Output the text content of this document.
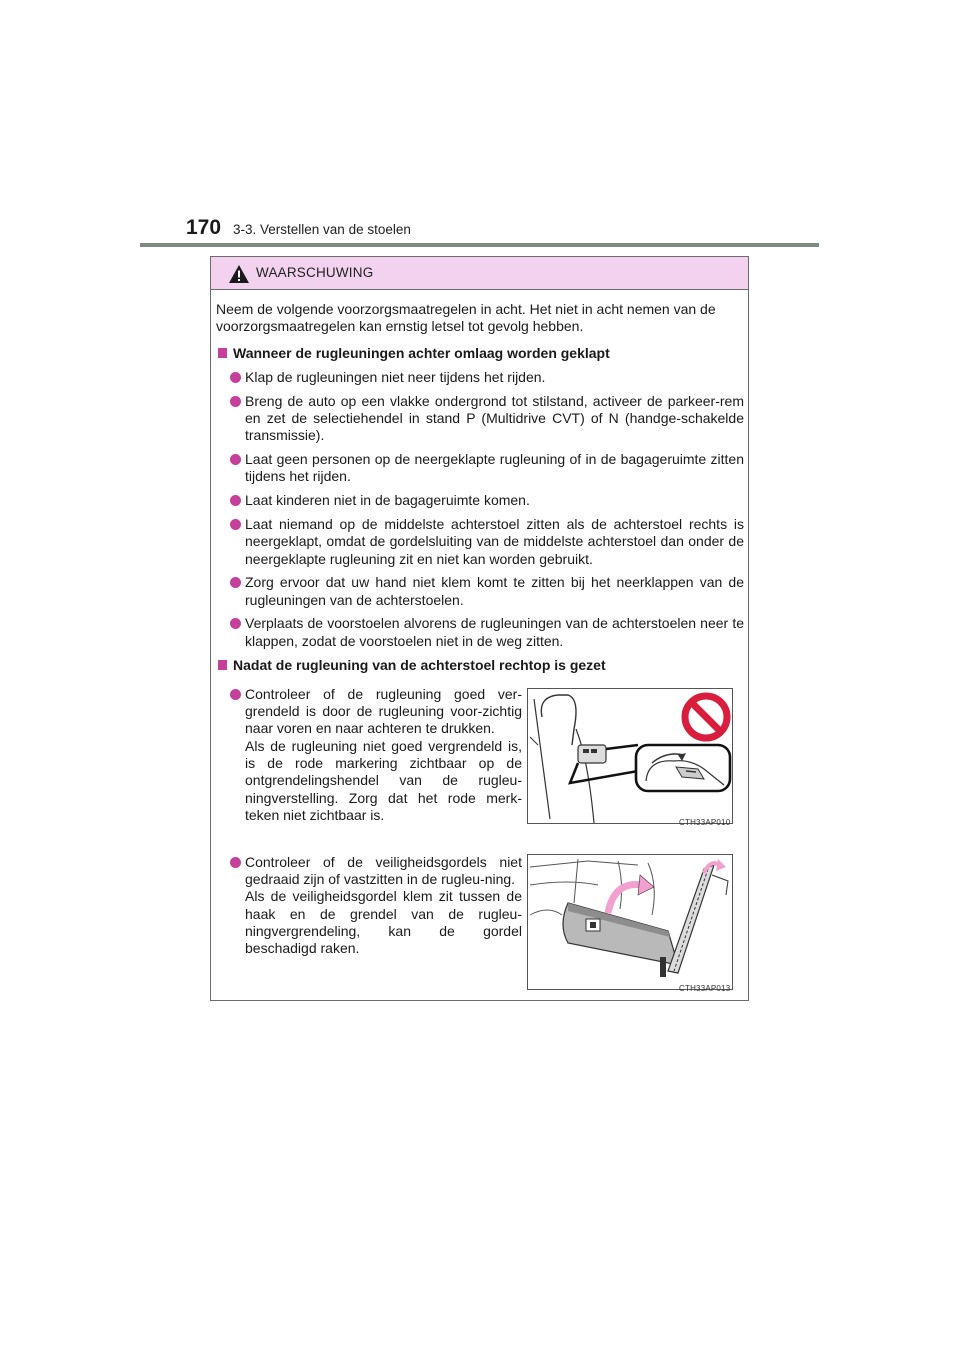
170 3-3. Verstellen van de stoelen
WAARSCHUWING

Neem de volgende voorzorgsmaatregelen in acht. Het niet in acht nemen van de voorzorgsmaatregelen kan ernstig letsel tot gevolg hebben.

Wanneer de rugleuningen achter omlaag worden geklapt
Klap de rugleuningen niet neer tijdens het rijden.
Breng de auto op een vlakke ondergrond tot stilstand, activeer de parkeer-rem en zet de selectiehendel in stand P (Multidrive CVT) of N (handge-schakelde transmissie).
Laat geen personen op de neergeklapte rugleuning of in de bagageruimte zitten tijdens het rijden.
Laat kinderen niet in de bagageruimte komen.
Laat niemand op de middelste achterstoel zitten als de achterstoel rechts is neergeklapt, omdat de gordelsluiting van de middelste achterstoel dan onder de neergeklapte rugleuning zit en niet kan worden gebruikt.
Zorg ervoor dat uw hand niet klem komt te zitten bij het neerklappen van de rugleuningen van de achterstoelen.
Verplaats de voorstoelen alvorens de rugleuningen van de achterstoelen neer te klappen, zodat de voorstoelen niet in de weg zitten.
Nadat de rugleuning van de achterstoel rechtop is gezet

Controleer of de rugleuning goed ver-grendeld is door de rugleuning voor-zichtig naar voren en naar achteren te drukken.

Als de rugleuning niet goed vergrendeld is, is de rode markering zichtbaar op de ontgrendelingshendel van de rugleu-ningverstelling. Zorg dat het rode merk-teken niet zichtbaar is.	CTH33AP010

Controleer of de veiligheidsgordels niet gedraaid zijn of vastzitten in de rugleu-ning.

Als de veiligheidsgordel klem zit tussen de haak en de grendel van de rugleu-ningvergrendeling, kan de gordel beschadigd raken.

CTH33AP013
